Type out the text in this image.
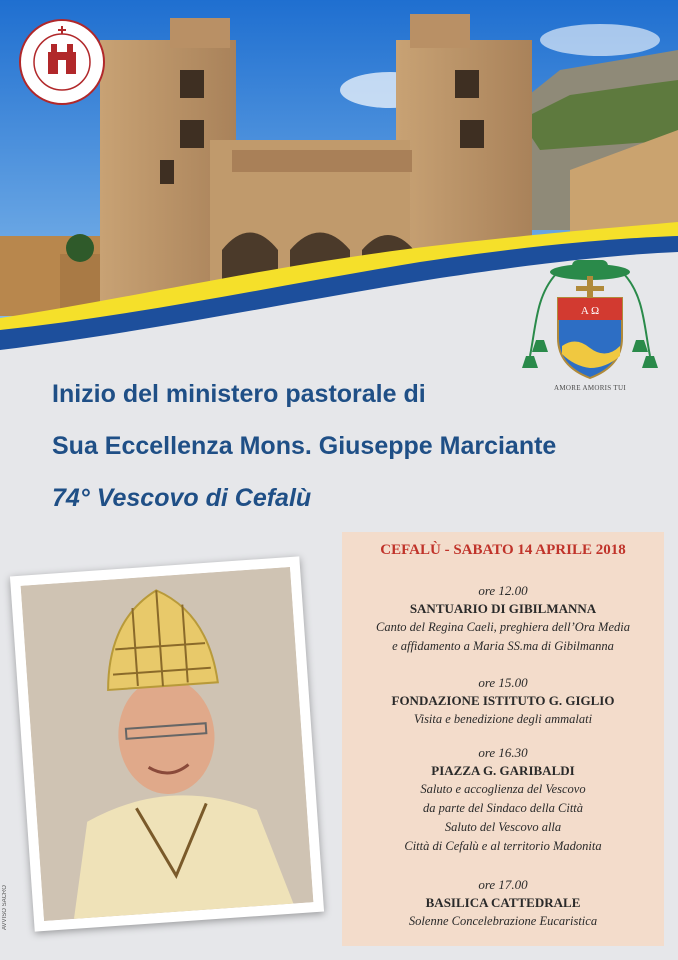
A Ω
AMORE AMORIS TUI
Inizio del ministero pastorale di
Sua Eccellenza Mons. Giuseppe Marciante
74° Vescovo di Cefalù
CEFALÙ - SABATO 14 APRILE 2018
ore 12.00
SANTUARIO DI GIBILMANNA
Canto del Regina Caeli, preghiera dell’Ora Media
e affidamento a Maria SS.ma di Gibilmanna
ore 15.00
FONDAZIONE ISTITUTO G. GIGLIO
Visita e benedizione degli ammalati
ore 16.30
PIAZZA G. GARIBALDI
Saluto e accoglienza del Vescovo
da parte del Sindaco della Città
Saluto del Vescovo alla
Città di Cefalù e al territorio Madonita
ore 17.00
BASILICA CATTEDRALE
Solenne Concelebrazione Eucaristica
AVVISO SACRO
